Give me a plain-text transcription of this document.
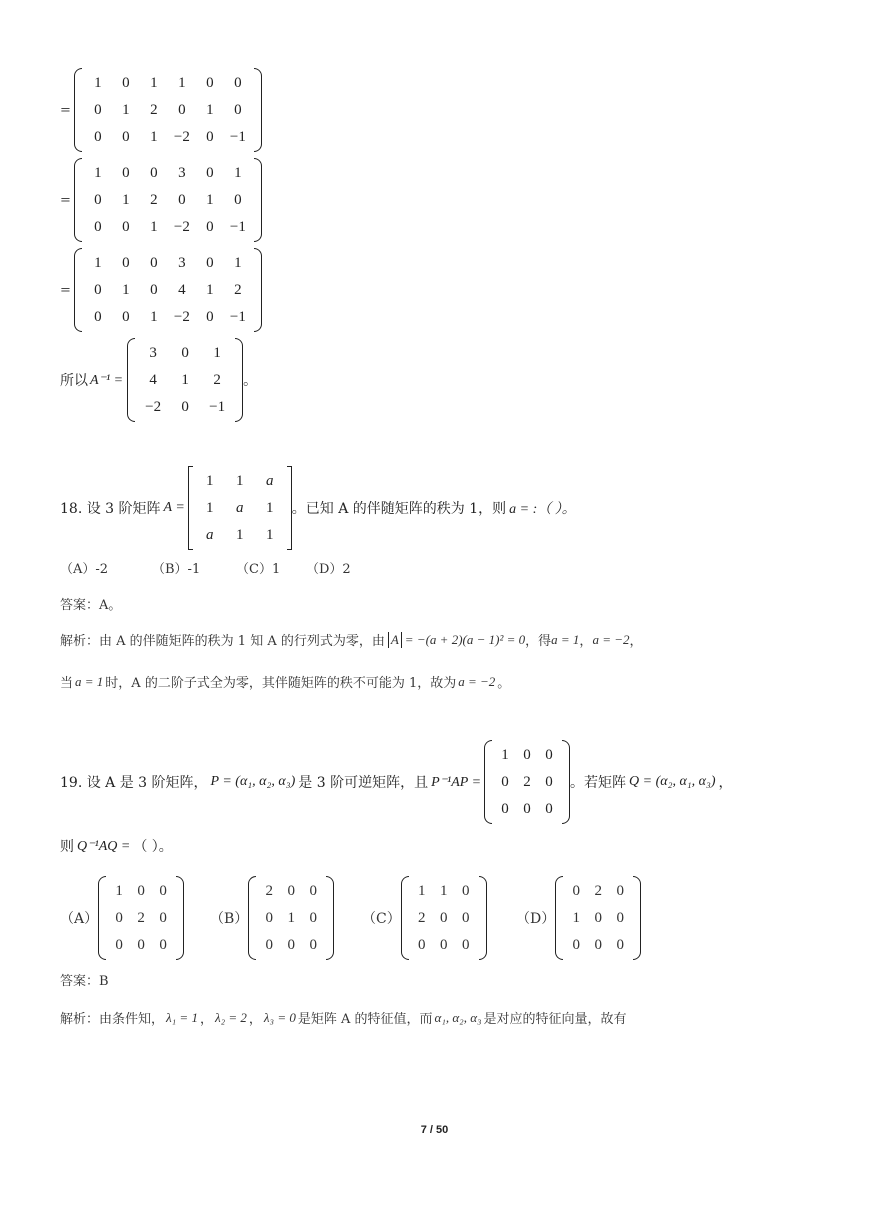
=
1	0	1	1	0	0
0	1	2	0	1	0
0	0	1	−2	0	−1
=
1	0	0	3	0	1
0	1	2	0	1	0
0	0	1	−2	0	−1
=
1	0	0	3	0	1
0	1	0	4	1	2
0	0	1	−2	0	−1
所以 A⁻¹ =
3	0	1
4	1	2
−2	0	−1
。
18. 设 3 阶矩阵 A =
1	1	a
1	a	1
a	1	1
。已知 A 的伴随矩阵的秩为 1，则 a = :（ ）。
（A）-2	（B）-1	（C）1	（D）2
答案：A。
解析：由 A 的伴随矩阵的秩为 1 知 A 的行列式为零，由 A = −(a + 2)(a − 1)² = 0 ，得 a = 1 ， a = −2 ，
当 a = 1 时，A 的二阶子式全为零，其伴随矩阵的秩不可能为 1，故为 a = −2 。
19. 设 A 是 3 阶矩阵， P = (α₁, α₂, α₃) 是 3 阶可逆矩阵，且 P⁻¹AP =
1 0 0
0 2 0
0 0 0
。若矩阵 Q = (α₂, α₁, α₃) ，
则 Q⁻¹AQ = （ ）。
（A）
1 0 0
0 2 0
0 0 0
（B）
2 0 0
0 1 0
0 0 0
（C）
1 1 0
2 0 0
0 0 0
（D）
0 2 0
1 0 0
0 0 0
答案：B
解析：由条件知， λ₁ = 1 ， λ₂ = 2 ， λ₃ = 0 是矩阵 A 的特征值，而 α₁, α₂, α₃ 是对应的特征向量，故有
7 / 50
